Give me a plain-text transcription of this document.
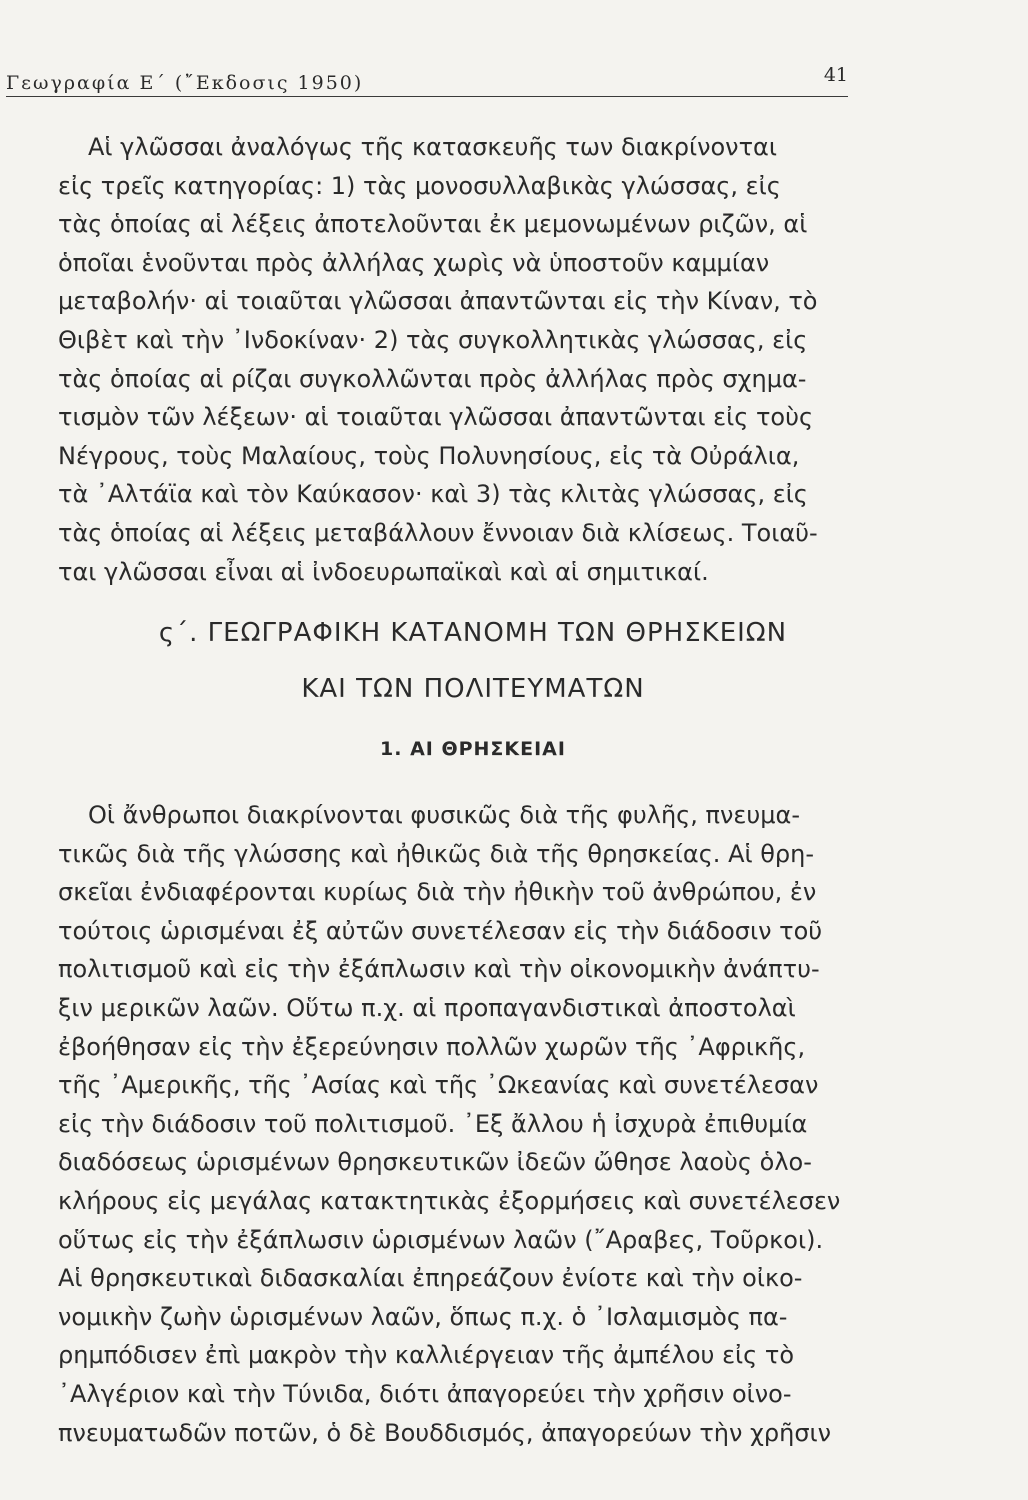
Γεωγραφία Ε΄ (῎Εκδοσις 1950)	41

Αἱ γλῶσσαι ἀναλόγως τῆς κατασκευῆς των διακρίνονται
εἰς τρεῖς κατηγορίας: 1) τὰς μονοσυλλαβικὰς γλώσσας, εἰς
τὰς ὁποίας αἱ λέξεις ἀποτελοῦνται ἐκ μεμονωμένων ριζῶν, αἱ
ὁποῖαι ἑνοῦνται πρὸς ἀλλήλας χωρὶς νὰ ὑποστοῦν καμμίαν
μεταβολήν· αἱ τοιαῦται γλῶσσαι ἀπαντῶνται εἰς τὴν Κίναν, τὸ
Θιβὲτ καὶ τὴν ᾿Ινδοκίναν· 2) τὰς συγκολλητικὰς γλώσσας, εἰς
τὰς ὁποίας αἱ ρίζαι συγκολλῶνται πρὸς ἀλλήλας πρὸς σχημα-
τισμὸν τῶν λέξεων· αἱ τοιαῦται γλῶσσαι ἀπαντῶνται εἰς τοὺς
Νέγρους, τοὺς Μαλαίους, τοὺς Πολυνησίους, εἰς τὰ Οὐράλια,
τὰ ᾿Αλτάϊα καὶ τὸν Καύκασον· καὶ 3) τὰς κλιτὰς γλώσσας, εἰς
τὰς ὁποίας αἱ λέξεις μεταβάλλουν ἔννοιαν διὰ κλίσεως. Τοιαῦ-
ται γλῶσσαι εἶναι αἱ ἰνδοευρωπαϊκαὶ καὶ αἱ σημιτικαί.

ς΄. ΓΕΩΓΡΑΦΙΚΗ ΚΑΤΑΝΟΜΗ ΤΩΝ ΘΡΗΣΚΕΙΩΝ
ΚΑΙ ΤΩΝ ΠΟΛΙΤΕΥΜΑΤΩΝ
1. ΑΙ ΘΡΗΣΚΕΙΑΙ

Οἱ ἄνθρωποι διακρίνονται φυσικῶς διὰ τῆς φυλῆς, πνευμα-
τικῶς διὰ τῆς γλώσσης καὶ ἠθικῶς διὰ τῆς θρησκείας. Αἱ θρη-
σκεῖαι ἐνδιαφέρονται κυρίως διὰ τὴν ἠθικὴν τοῦ ἀνθρώπου, ἐν
τούτοις ὡρισμέναι ἐξ αὐτῶν συνετέλεσαν εἰς τὴν διάδοσιν τοῦ
πολιτισμοῦ καὶ εἰς τὴν ἐξάπλωσιν καὶ τὴν οἰκονομικὴν ἀνάπτυ-
ξιν μερικῶν λαῶν. Οὕτω π.χ. αἱ προπαγανδιστικαὶ ἀποστολαὶ
ἐβοήθησαν εἰς τὴν ἐξερεύνησιν πολλῶν χωρῶν τῆς ᾿Αφρικῆς,
τῆς ᾿Αμερικῆς, τῆς ᾿Ασίας καὶ τῆς ᾿Ωκεανίας καὶ συνετέλεσαν
εἰς τὴν διάδοσιν τοῦ πολιτισμοῦ. ᾿Εξ ἄλλου ἡ ἰσχυρὰ ἐπιθυμία
διαδόσεως ὡρισμένων θρησκευτικῶν ἰδεῶν ὤθησε λαοὺς ὁλο-
κλήρους εἰς μεγάλας κατακτητικὰς ἐξορμήσεις καὶ συνετέλεσεν
οὕτως εἰς τὴν ἐξάπλωσιν ὡρισμένων λαῶν (῎Αραβες, Τοῦρκοι).
Αἱ θρησκευτικαὶ διδασκαλίαι ἐπηρεάζουν ἐνίοτε καὶ τὴν οἰκο-
νομικὴν ζωὴν ὡρισμένων λαῶν, ὅπως π.χ. ὁ ᾿Ισλαμισμὸς πα-
ρημπόδισεν ἐπὶ μακρὸν τὴν καλλιέργειαν τῆς ἀμπέλου εἰς τὸ
᾿Αλγέριον καὶ τὴν Τύνιδα, διότι ἀπαγορεύει τὴν χρῆσιν οἰνο-
πνευματωδῶν ποτῶν, ὁ δὲ Βουδδισμός, ἀπαγορεύων τὴν χρῆσιν
